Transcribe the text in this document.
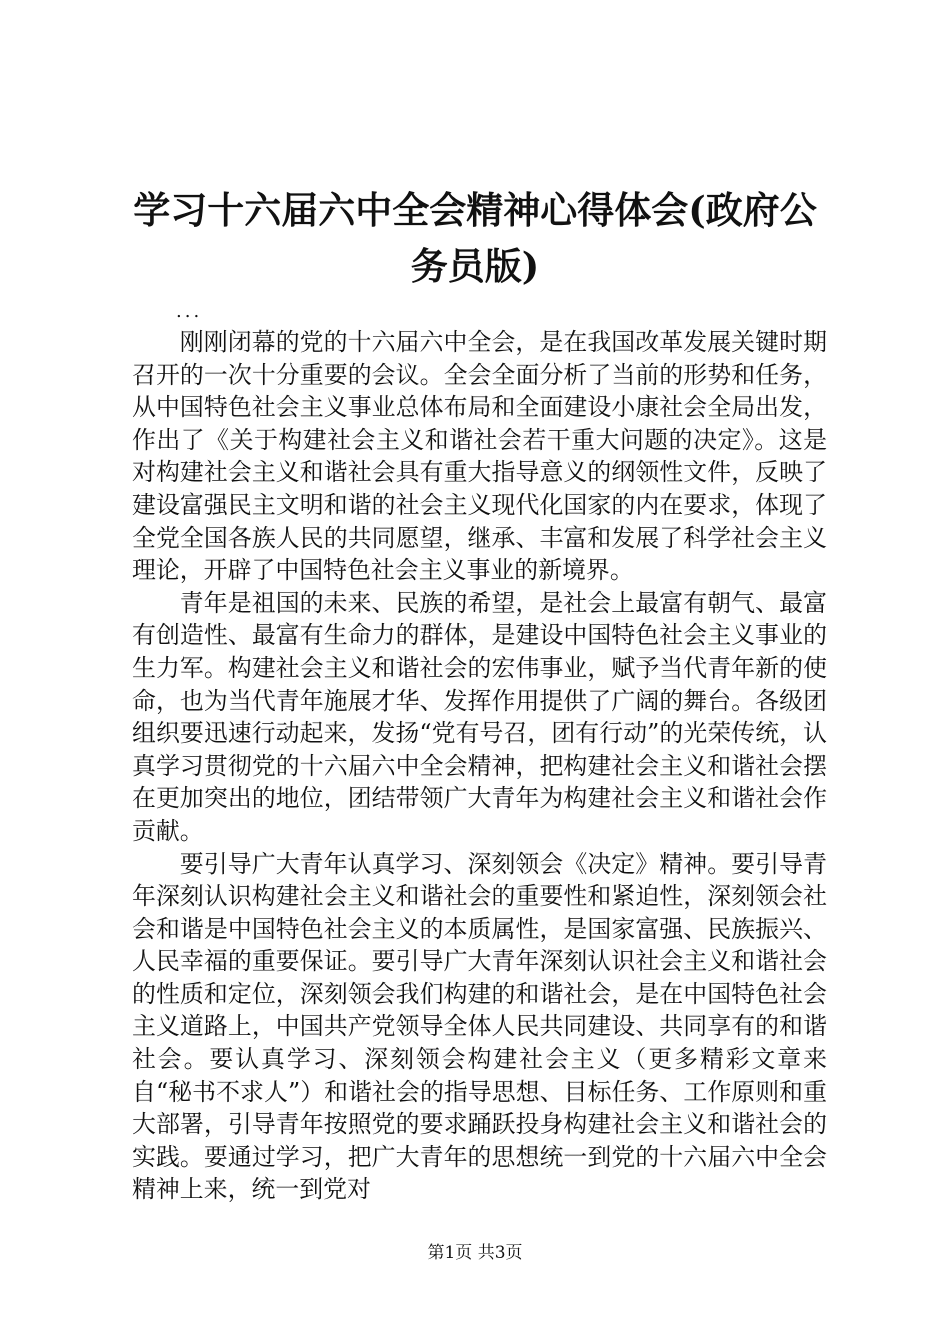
学习十六届六中全会精神心得体会(政府公务员版)
...

刚刚闭幕的党的十六届六中全会，是在我国改革发展关键时期召开的一次十分重要的会议。全会全面分析了当前的形势和任务，从中国特色社会主义事业总体布局和全面建设小康社会全局出发，作出了《关于构建社会主义和谐社会若干重大问题的决定》。这是对构建社会主义和谐社会具有重大指导意义的纲领性文件，反映了建设富强民主文明和谐的社会主义现代化国家的内在要求，体现了全党全国各族人民的共同愿望，继承、丰富和发展了科学社会主义理论，开辟了中国特色社会主义事业的新境界。

青年是祖国的未来、民族的希望，是社会上最富有朝气、最富有创造性、最富有生命力的群体，是建设中国特色社会主义事业的生力军。构建社会主义和谐社会的宏伟事业，赋予当代青年新的使命，也为当代青年施展才华、发挥作用提供了广阔的舞台。各级团组织要迅速行动起来，发扬“党有号召，团有行动”的光荣传统，认真学习贯彻党的十六届六中全会精神，把构建社会主义和谐社会摆在更加突出的地位，团结带领广大青年为构建社会主义和谐社会作贡献。

要引导广大青年认真学习、深刻领会《决定》精神。要引导青年深刻认识构建社会主义和谐社会的重要性和紧迫性，深刻领会社会和谐是中国特色社会主义的本质属性，是国家富强、民族振兴、人民幸福的重要保证。要引导广大青年深刻认识社会主义和谐社会的性质和定位，深刻领会我们构建的和谐社会，是在中国特色社会主义道路上，中国共产党领导全体人民共同建设、共同享有的和谐社会。要认真学习、深刻领会构建社会主义（更多精彩文章来自“秘书不求人”）和谐社会的指导思想、目标任务、工作原则和重大部署，引导青年按照党的要求踊跃投身构建社会主义和谐社会的实践。要通过学习，把广大青年的思想统一到党的十六届六中全会精神上来，统一到党对

第1页 共3页
